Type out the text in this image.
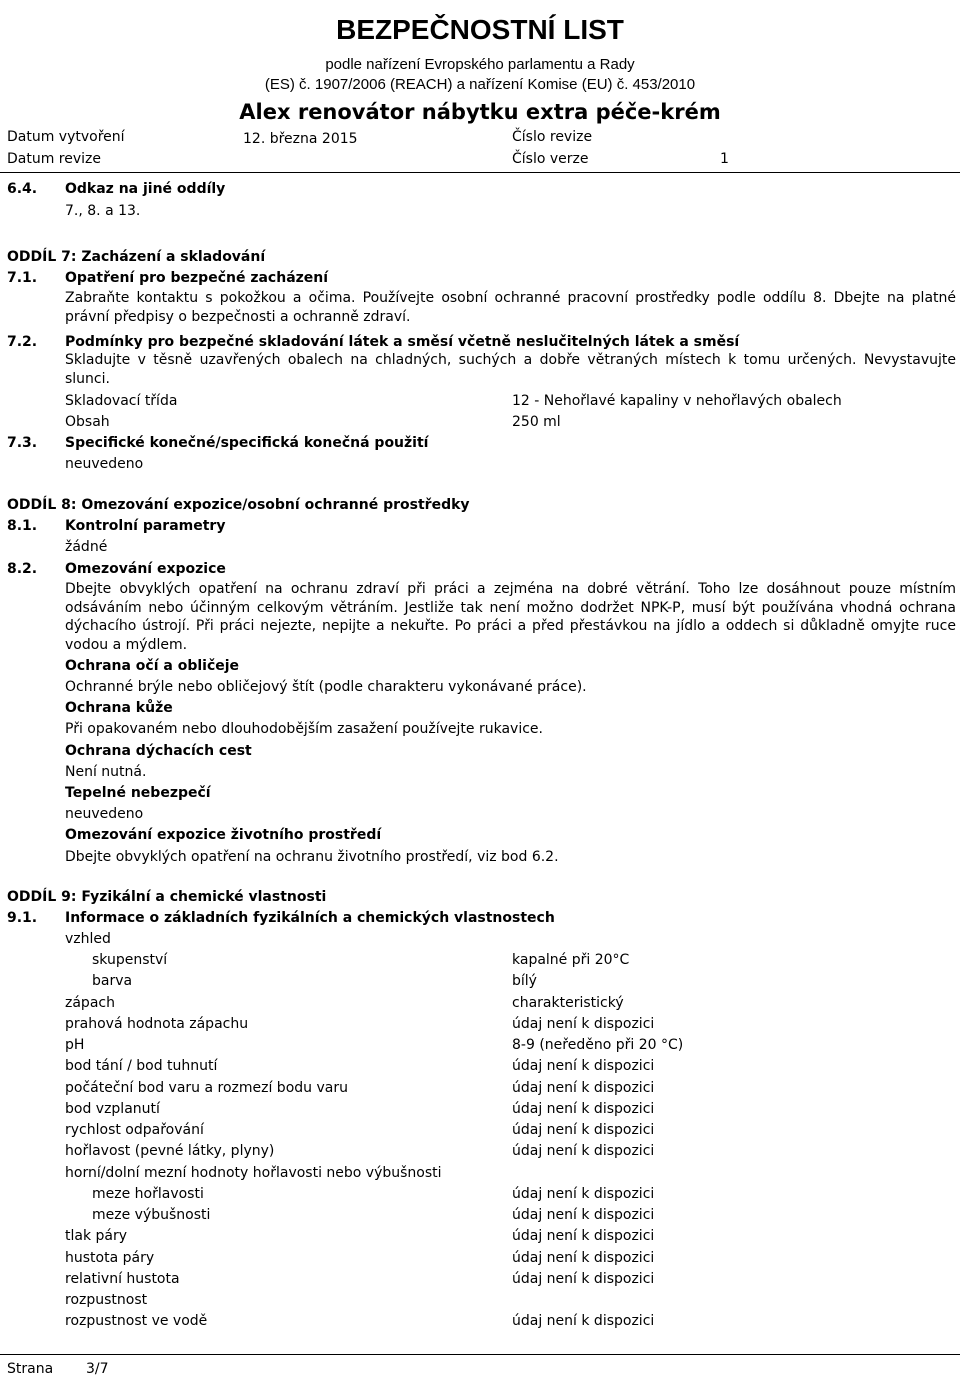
BEZPEČNOSTNÍ LIST
podle nařízení Evropského parlamentu a Rady
(ES) č. 1907/2006 (REACH) a nařízení Komise (EU) č. 453/2010
Alex renovátor nábytku extra péče-krém
Datum vytvoření	12. března 2015	Číslo revize
Datum revize	Číslo verze	1
6.4. Odkaz na jiné oddíly
7., 8. a 13.
ODDÍL 7: Zacházení a skladování
7.1. Opatření pro bezpečné zacházení
Zabraňte kontaktu s pokožkou a očima. Používejte osobní ochranné pracovní prostředky podle oddílu 8. Dbejte na platné právní předpisy o bezpečnosti a ochranně zdraví.
7.2. Podmínky pro bezpečné skladování látek a směsí včetně neslučitelných látek a směsí
Skladujte v těsně uzavřených obalech na chladných, suchých a dobře větraných místech k tomu určených. Nevystavujte slunci.
Skladovací třída	12 - Nehořlavé kapaliny v nehořlavých obalech
Obsah	250 ml
7.3. Specifické konečné/specifická konečná použití
neuvedeno
ODDÍL 8: Omezování expozice/osobní ochranné prostředky
8.1. Kontrolní parametry
žádné
8.2. Omezování expozice
Dbejte obvyklých opatření na ochranu zdraví při práci a zejména na dobré větrání. Toho lze dosáhnout pouze místním odsáváním nebo účinným celkovým větráním. Jestliže tak není možno dodržet NPK-P, musí být používána vhodná ochrana dýchacího ústrojí. Při práci nejezte, nepijte a nekuřte. Po práci a před přestávkou na jídlo a oddech si důkladně omyjte ruce vodou a mýdlem.
Ochrana očí a obličeje
Ochranné brýle nebo obličejový štít (podle charakteru vykonávané práce).
Ochrana kůže
Při opakovaném nebo dlouhodobějším zasažení používejte rukavice.
Ochrana dýchacích cest
Není nutná.
Tepelné nebezpečí
neuvedeno
Omezování expozice životního prostředí
Dbejte obvyklých opatření na ochranu životního prostředí, viz bod 6.2.
ODDÍL 9: Fyzikální a chemické vlastnosti
9.1. Informace o základních fyzikálních a chemických vlastnostech
vzhled
skupenství	kapalné při 20°C
barva	bílý
zápach	charakteristický
prahová hodnota zápachu	údaj není k dispozici
pH	8-9 (neředěno při 20 °C)
bod tání / bod tuhnutí	údaj není k dispozici
počáteční bod varu a rozmezí bodu varu	údaj není k dispozici
bod vzplanutí	údaj není k dispozici
rychlost odpařování	údaj není k dispozici
hořlavost (pevné látky, plyny)	údaj není k dispozici
horní/dolní mezní hodnoty hořlavosti nebo výbušnosti
meze hořlavosti	údaj není k dispozici
meze výbušnosti	údaj není k dispozici
tlak páry	údaj není k dispozici
hustota páry	údaj není k dispozici
relativní hustota	údaj není k dispozici
rozpustnost
rozpustnost ve vodě	údaj není k dispozici
Strana 3/7
